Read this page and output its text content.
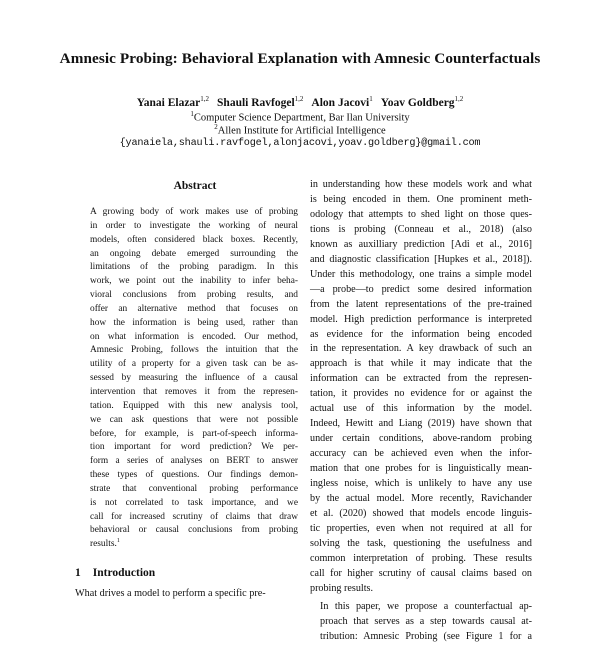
Amnesic Probing: Behavioral Explanation with Amnesic Counterfactuals
Yanai Elazar$^{1,2}$ Shauli Ravfogel$^{1,2}$ Alon Jacovi$^1$ Yoav Goldberg$^{1,2}$
$^1$Computer Science Department, Bar Ilan University
$^2$Allen Institute for Artificial Intelligence
{yanaiela,shauli.ravfogel,alonjacovi,yoav.goldberg}@gmail.com
Abstract
A growing body of work makes use of probing
in order to investigate the working of neural
models, often considered black boxes. Recently,
an ongoing debate emerged surrounding the
limitations of the probing paradigm. In this
work, we point out the inability to infer beha-
vioral conclusions from probing results, and
offer an alternative method that focuses on
how the information is being used, rather than
on what information is encoded. Our method,
Amnesic Probing, follows the intuition that the
utility of a property for a given task can be as-
sessed by measuring the influence of a causal
intervention that removes it from the represen-
tation. Equipped with this new analysis tool,
we can ask questions that were not possible
before, for example, is part-of-speech informa-
tion important for word prediction? We per-
form a series of analyses on BERT to answer
these types of questions. Our findings demon-
strate that conventional probing performance
is not correlated to task importance, and we
call for increased scrutiny of claims that draw
behavioral or causal conclusions from probing
results.$^1$
1 Introduction
What drives a model to perform a specific pre-

in understanding how these models work and what
is being encoded in them. One prominent meth-
odology that attempts to shed light on those ques-
tions is probing (Conneau et al., 2018) (also
known as auxilliary prediction [Adi et al., 2016]
and diagnostic classification [Hupkes et al., 2018]).
Under this methodology, one trains a simple model
—a probe—to predict some desired information
from the latent representations of the pre-trained
model. High prediction performance is interpreted
as evidence for the information being encoded
in the representation. A key drawback of such an
approach is that while it may indicate that the
information can be extracted from the represen-
tation, it provides no evidence for or against the
actual use of this information by the model.
Indeed, Hewitt and Liang (2019) have shown that
under certain conditions, above-random probing
accuracy can be achieved even when the infor-
mation that one probes for is linguistically mean-
ingless noise, which is unlikely to have any use
by the actual model. More recently, Ravichander
et al. (2020) showed that models encode linguis-
tic properties, even when not required at all for
solving the task, questioning the usefulness and
common interpretation of probing. These results
call for higher scrutiny of causal claims based on
probing results.

In this paper, we propose a counterfactual ap-
proach that serves as a step towards causal at-
tribution: Amnesic Probing (see Figure 1 for a
